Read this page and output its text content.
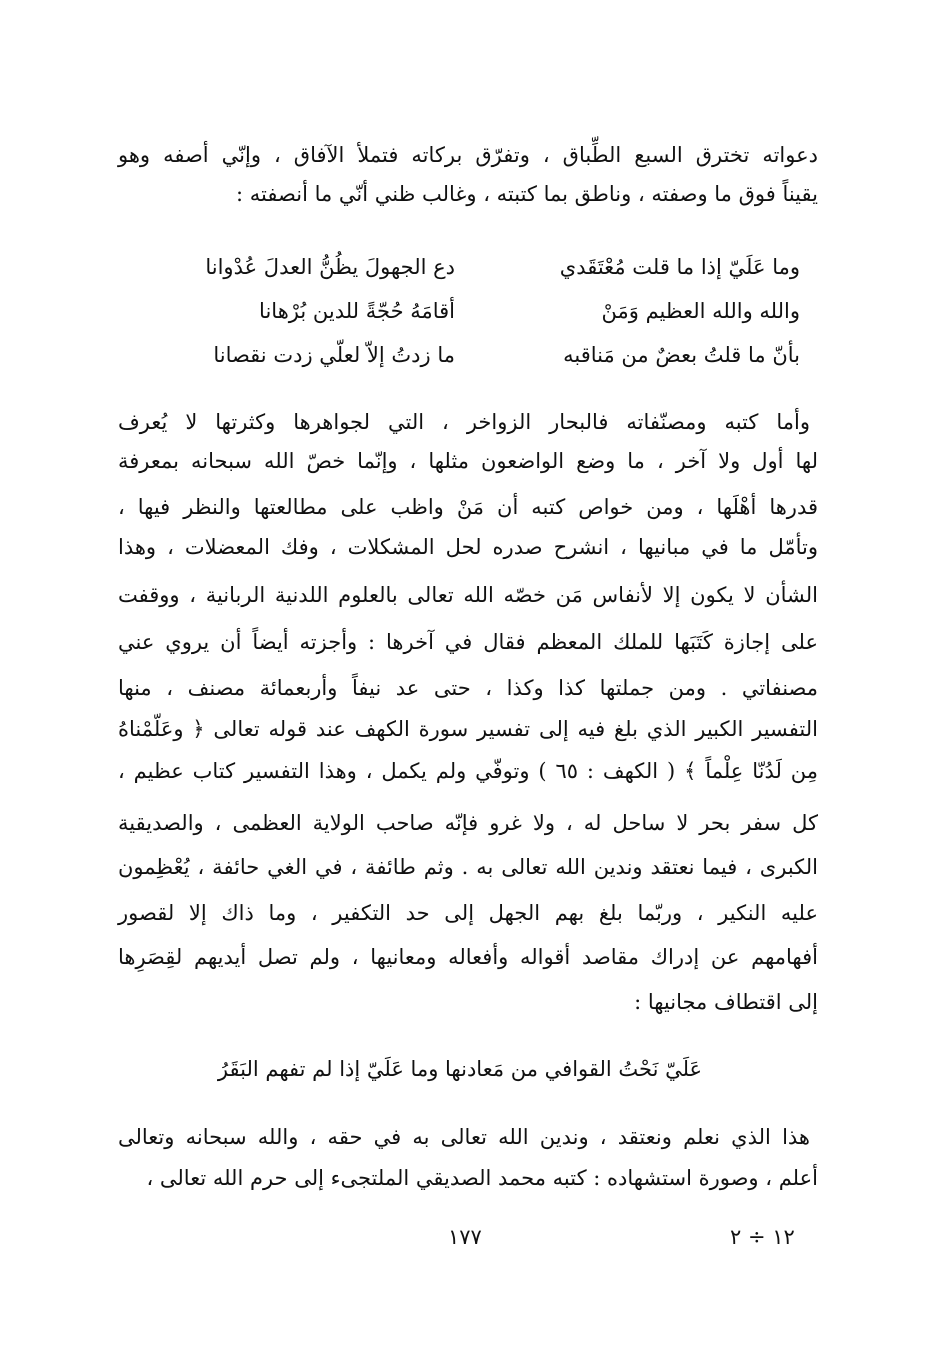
دعواته تخترق السبع الطِّباق ، وتفرّق بركاته فتملأ الآفاق ، وإنّي أصفه وهو
يقيناً فوق ما وصفته ، وناطق بما كتبته ، وغالب ظني أنّي ما أنصفته :
وما عَلَيّ إذا ما قلت مُعْتَقَدي
دع الجهولَ يظُنُّ العدلَ عُدْوانا
والله والله العظيم وَمَنْ
أقامَهُ حُجّةً للدين بُرْهانا
بأنّ ما قلتُ بعضٌ من مَناقبه
ما زدتُ إلاّ لعلّي زدت نقصانا
وأما كتبه ومصنّفاته فالبحار الزواخر ، التي لجواهرها وكثرتها لا يُعرف
لها أول ولا آخر ، ما وضع الواضعون مثلها ، وإنّما خصّ الله سبحانه بمعرفة
قدرها أهْلَها ، ومن خواص كتبه أن مَنْ واظب على مطالعتها والنظر فيها ،
وتأمّل ما في مبانيها ، انشرح صدره لحل المشكلات ، وفك المعضلات ، وهذا
الشأن لا يكون إلا لأنفاس مَن خصّه الله تعالى بالعلوم اللدنية الربانية ، ووقفت
على إجازة كَتَبَها للملك المعظم فقال في آخرها : وأجزته أيضاً أن يروي عني
مصنفاتي . ومن جملتها كذا وكذا ، حتى عد نيفاً وأربعمائة مصنف ، منها
التفسير الكبير الذي بلغ فيه إلى تفسير سورة الكهف عند قوله تعالى ﴿ وعَلّمْناهُ
مِن لَدُنّا عِلْماً ﴾ ( الكهف : ٦٥ ) وتوفّي ولم يكمل ، وهذا التفسير كتاب عظيم ،
كل سفر بحر لا ساحل له ، ولا غرو فإنّه صاحب الولاية العظمى ، والصديقية
الكبرى ، فيما نعتقد وندين الله تعالى به . وثم طائفة ، في الغي حائفة ، يُعْظِمون
عليه النكير ، وربّما بلغ بهم الجهل إلى حد التكفير ، وما ذاك إلا لقصور
أفهامهم عن إدراك مقاصد أقواله وأفعاله ومعانيها ، ولم تصل أيديهم لقِصَرِها
إلى اقتطاف مجانيها :
عَلَيّ نَحْتُ القوافي من مَعادنها وما عَلَيّ إذا لم تفهم البَقَرُ
هذا الذي نعلم ونعتقد ، وندين الله تعالى به في حقه ، والله سبحانه وتعالى
أعلم ، وصورة استشهاده : كتبه محمد الصديقي الملتجىء إلى حرم الله تعالى ،
١٧٧	١٢ ÷ ٢
